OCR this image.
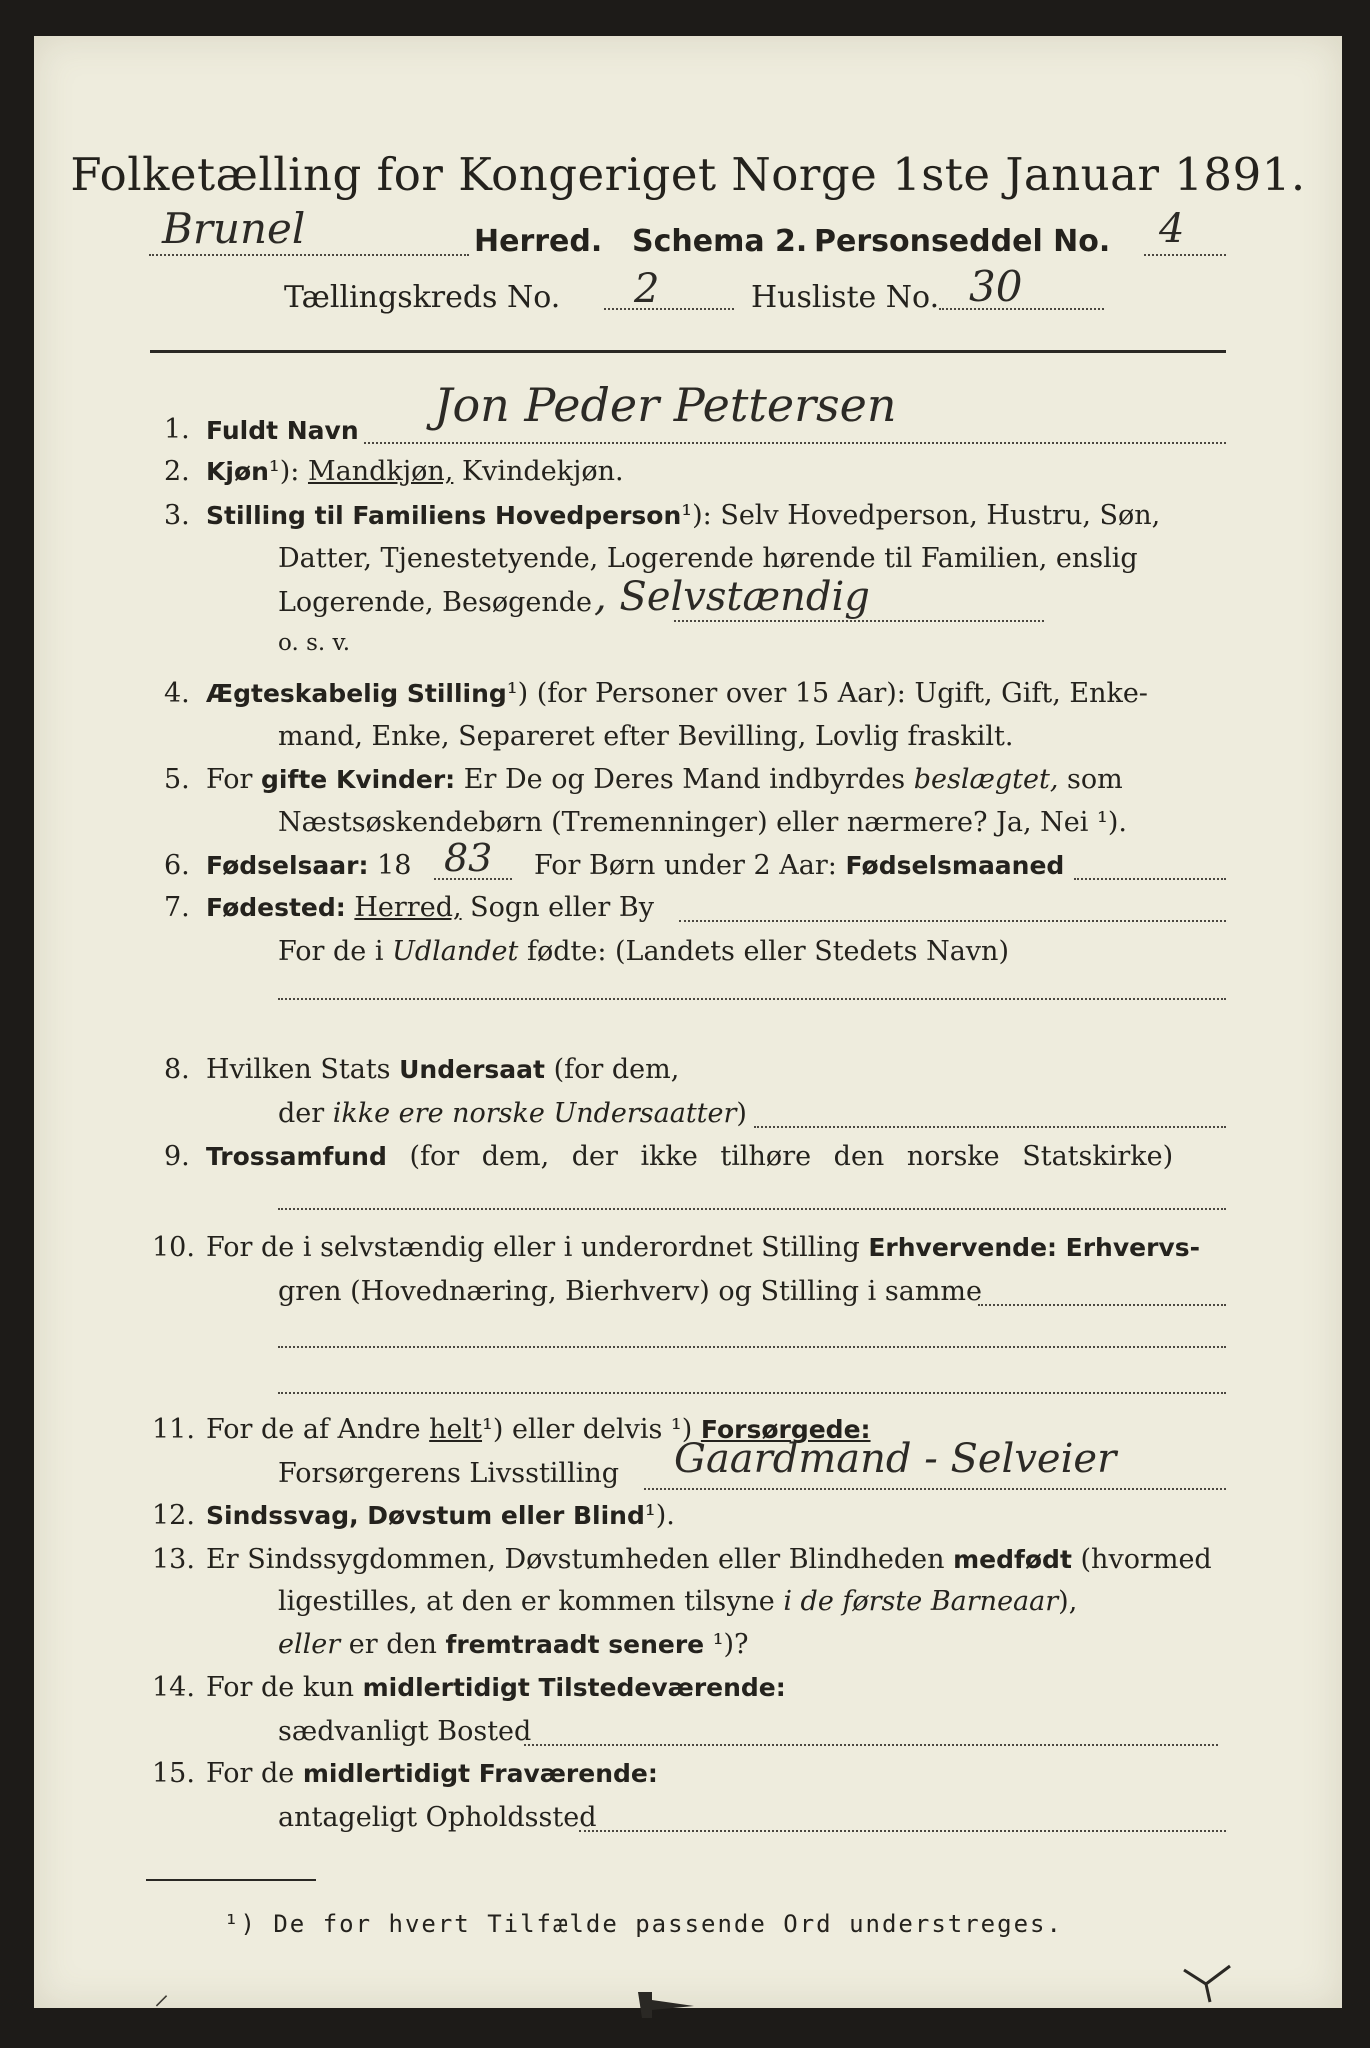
Folketælling for Kongeriget Norge 1ste Januar 1891.
Brunel	Herred. Schema 2. Personseddel No. 4
Tællingskreds No. 2	Husliste No. 30
1. Fuldt Navn Jon Peder Pettersen
2. Kjøn¹): Mandkjøn, Kvindekjøn.
3. Stilling til Familiens Hovedperson¹): Selv Hovedperson, Hustru, Søn,
Datter, Tjenestetyende, Logerende hørende til Familien, enslig
Logerende, Besøgende , Selvstændig
o. s. v.
4. Ægteskabelig Stilling¹) (for Personer over 15 Aar): Ugift, Gift, Enke-
mand, Enke, Separeret efter Bevilling, Lovlig fraskilt.
5. For gifte Kvinder: Er De og Deres Mand indbyrdes beslægtet, som
Næstsøskendebørn (Tremenninger) eller nærmere? Ja, Nei ¹).
6. Fødselsaar: 18 83 For Børn under 2 Aar: Fødselsmaaned
7. Fødested: Herred, Sogn eller By
For de i Udlandet fødte: (Landets eller Stedets Navn)
8. Hvilken Stats Undersaat (for dem,
der ikke ere norske Undersaatter)
9. Trossamfund (for dem, der ikke tilhøre den norske Statskirke)
10. For de i selvstændig eller i underordnet Stilling Erhvervende: Erhvervs-
gren (Hovednæring, Bierhverv) og Stilling i samme
11. For de af Andre helt¹) eller delvis ¹) Forsørgede:
Forsørgerens Livsstilling Gaardmand - Selveier
12. Sindssvag, Døvstum eller Blind¹).
13. Er Sindssygdommen, Døvstumheden eller Blindheden medfødt (hvormed
ligestilles, at den er kommen tilsyne i de første Barneaar),
eller er den fremtraadt senere ¹)?
14. For de kun midlertidigt Tilstedeværende:
sædvanligt Bosted
15. For de midlertidigt Fraværende:
antageligt Opholdssted
¹) De for hvert Tilfælde passende Ord understreges.
⸝
